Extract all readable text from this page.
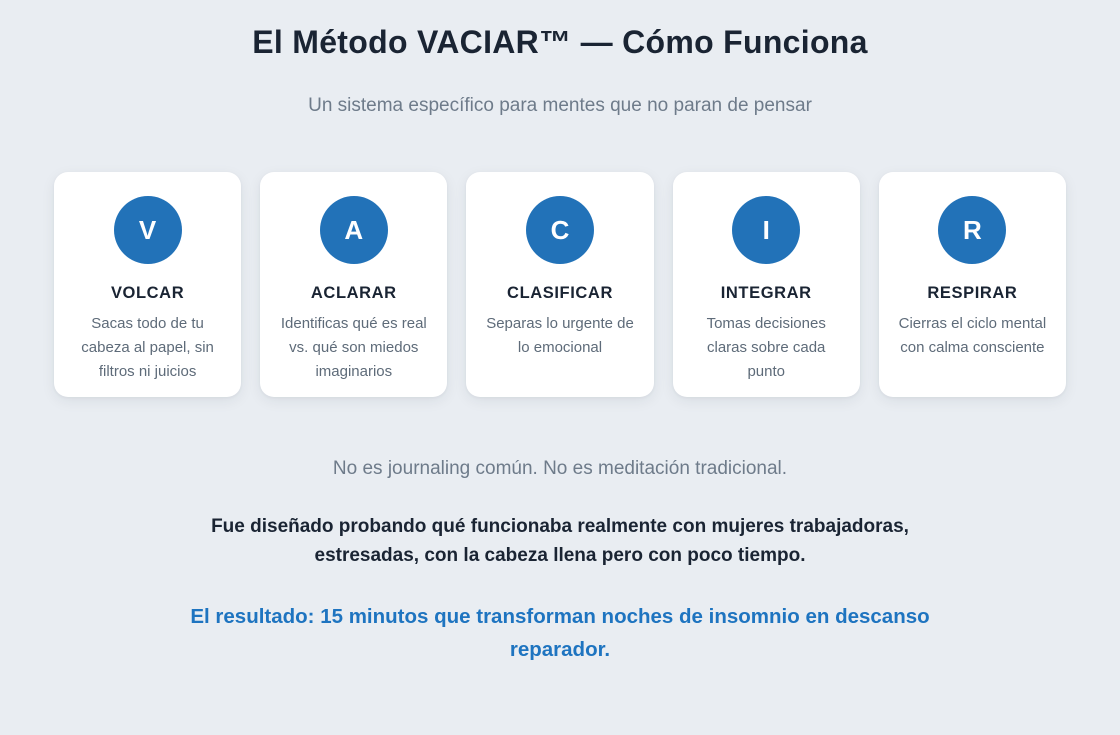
El Método VACIAR™ — Cómo Funciona

Un sistema específico para mentes que no paran de pensar

V
VOLCAR
Sacas todo de tu cabeza al papel, sin filtros ni juicios
A
ACLARAR
Identificas qué es real vs. qué son miedos imaginarios
C
CLASIFICAR
Separas lo urgente de lo emocional
I
INTEGRAR
Tomas decisiones claras sobre cada punto
R
RESPIRAR
Cierras el ciclo mental con calma consciente

No es journaling común. No es meditación tradicional.

Fue diseñado probando qué funcionaba realmente con mujeres trabajadoras, estresadas, con la cabeza llena pero con poco tiempo.

El resultado: 15 minutos que transforman noches de insomnio en descanso reparador.
